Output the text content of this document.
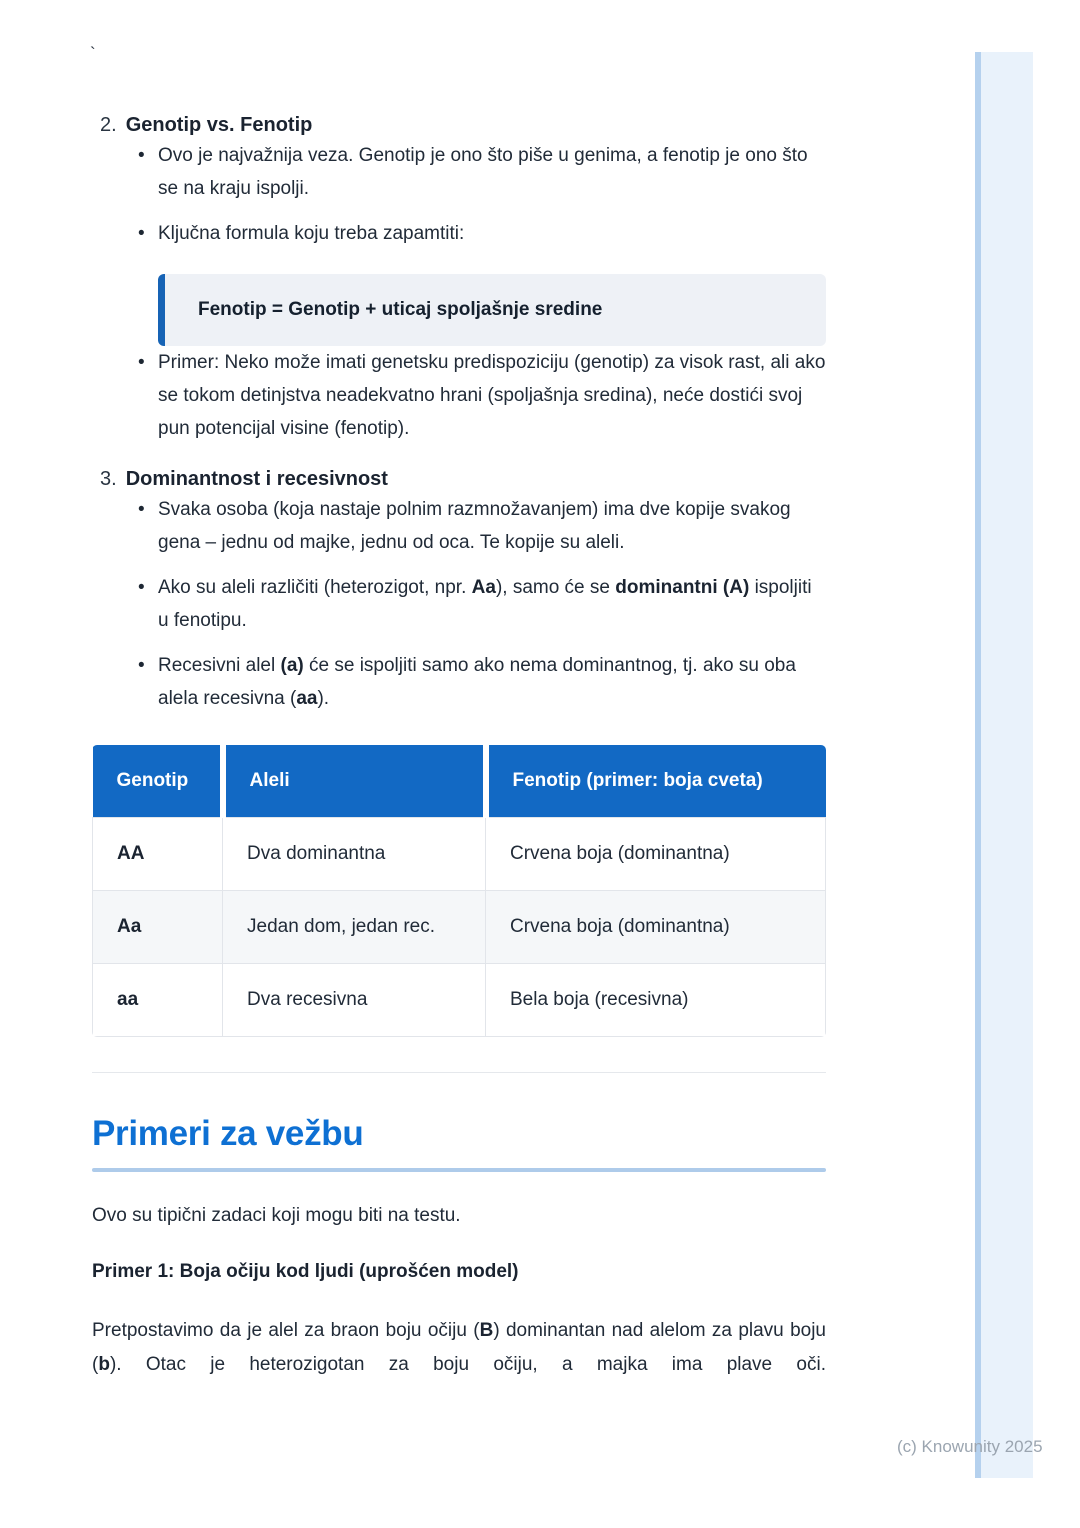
`
2. Genotip vs. Fenotip
• Ovo je najvažnija veza. Genotip je ono što piše u genima, a fenotip je ono što se na kraju ispolji.
• Ključna formula koju treba zapamtiti:

Fenotip = Genotip + uticaj spoljašnje sredine

• Primer: Neko može imati genetsku predispoziciju (genotip) za visok rast, ali ako se tokom detinjstva neadekvatno hrani (spoljašnja sredina), neće dostići svoj pun potencijal visine (fenotip).
3. Dominantnost i recesivnost
• Svaka osoba (koja nastaje polnim razmnožavanjem) ima dve kopije svakog gena – jednu od majke, jednu od oca. Te kopije su aleli.
• Ako su aleli različiti (heterozigot, npr. Aa), samo će se dominantni (A) ispoljiti u fenotipu.
• Recesivni alel (a) će se ispoljiti samo ako nema dominantnog, tj. ako su oba alela recesivna (aa).
Genotip	Aleli	Fenotip (primer: boja cveta)
AA	Dva dominantna	Crvena boja (dominantna)
Aa	Jedan dom, jedan rec.	Crvena boja (dominantna)
aa	Dva recesivna	Bela boja (recesivna)
Primeri za vežbu

Ovo su tipični zadaci koji mogu biti na testu.

Primer 1: Boja očiju kod ljudi (uprošćen model)

Pretpostavimo da je alel za braon boju očiju (B) dominantan nad alelom za plavu boju (b). Otac je heterozigotan za boju očiju, a majka ima plave oči.

(c) Knowunity 2025
